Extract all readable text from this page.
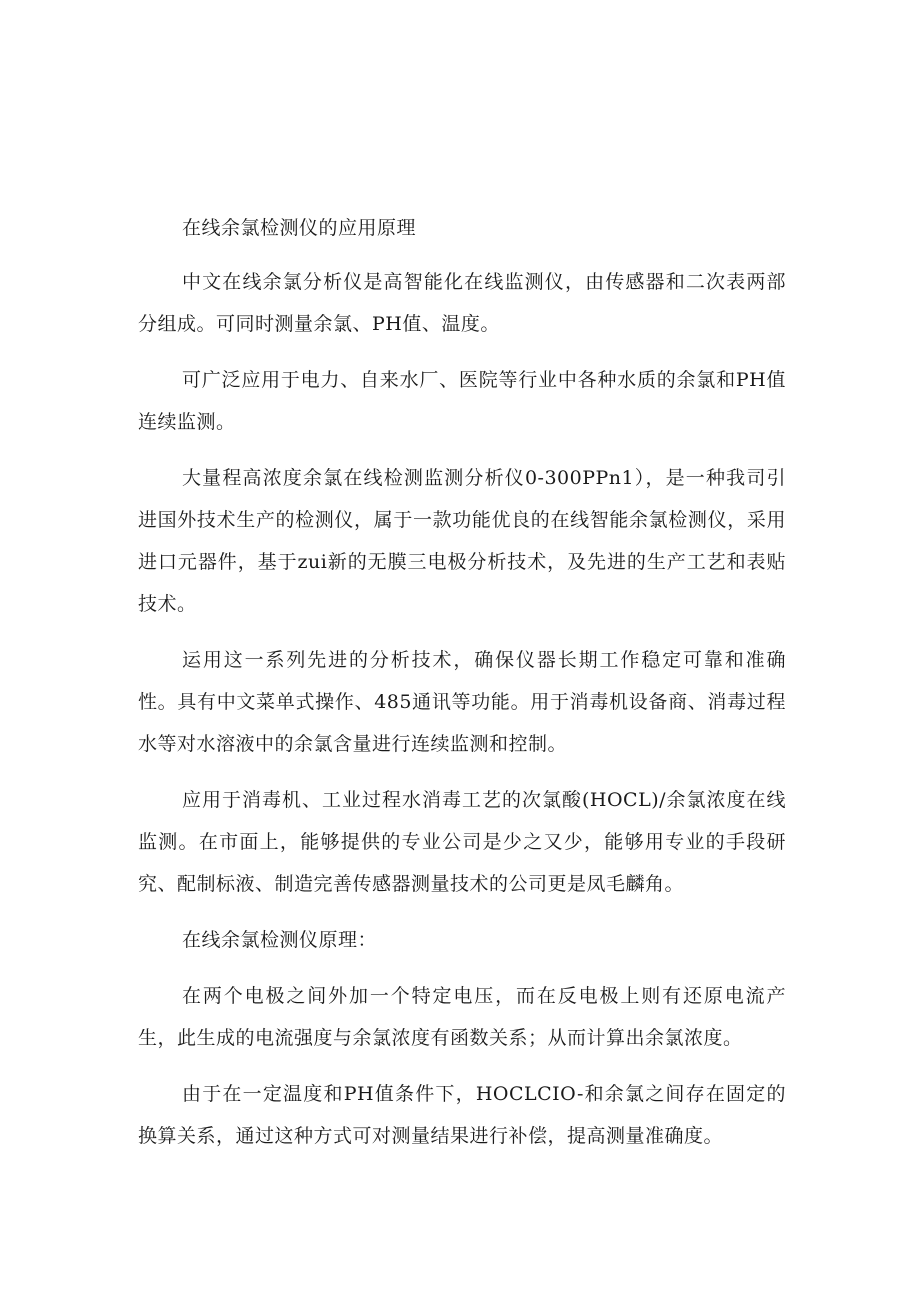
在线余氯检测仪的应用原理

中文在线余氯分析仪是高智能化在线监测仪，由传感器和二次表两部分组成。可同时测量余氯、PH值、温度。

可广泛应用于电力、自来水厂、医院等行业中各种水质的余氯和PH值连续监测。

大量程高浓度余氯在线检测监测分析仪0-300PPn1），是一种我司引进国外技术生产的检测仪，属于一款功能优良的在线智能余氯检测仪，采用进口元器件，基于zui新的无膜三电极分析技术，及先进的生产工艺和表贴技术。

运用这一系列先进的分析技术，确保仪器长期工作稳定可靠和准确性。具有中文菜单式操作、485通讯等功能。用于消毒机设备商、消毒过程水等对水溶液中的余氯含量进行连续监测和控制。

应用于消毒机、工业过程水消毒工艺的次氯酸(HOCL)/余氯浓度在线监测。在市面上，能够提供的专业公司是少之又少，能够用专业的手段研究、配制标液、制造完善传感器测量技术的公司更是凤毛麟角。

在线余氯检测仪原理：

在两个电极之间外加一个特定电压，而在反电极上则有还原电流产生，此生成的电流强度与余氯浓度有函数关系；从而计算出余氯浓度。

由于在一定温度和PH值条件下，HOCLCIO-和余氯之间存在固定的换算关系，通过这种方式可对测量结果进行补偿，提高测量准确度。
